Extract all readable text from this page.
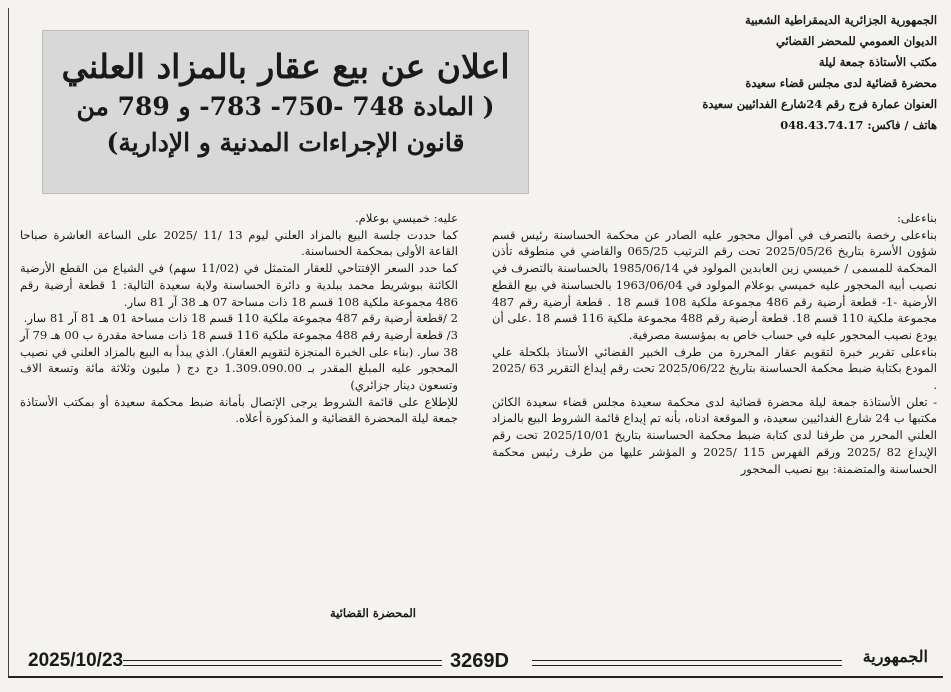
الجمهورية الجزائرية الديمقراطية الشعبية
الديوان العمومي للمحضر القضائي
مكتب الأستاذة جمعة ليلة
محضرة قضائية لدى مجلس قضاء سعيدة
العنوان عمارة فرج رقم 24شارع الفدائيين سعيدة
هاتف / فاكس: 048.43.74.17
اعلان عن بيع عقار بالمزاد العلني
( المادة 748 -750- 783- و 789 من
قانون الإجراءات المدنية و الإدارية)

بناءعلى:

بناءعلى رخصة بالتصرف في أموال محجور عليه الصادر عن محكمة الحساسنة رئيس قسم شؤون الأسرة بتاريخ 2025/05/26 تحت رقم الترتيب 065/25 والقاضي في منطوقه تأذن المحكمة للمسمى / خميسي زين العابدين المولود في 1985/06/14 بالحساسنة بالتصرف في نصيب أبيه المحجور عليه خميسي بوعلام المولود في 1963/06/04 بالحساسنة في بيع القطع الأرضية -1- قطعة أرضية رقم 486 مجموعة ملكية 108 قسم 18 . قطعة أرضية رقم 487 مجموعة ملكية 110 قسم 18. قطعة أرضية رقم 488 مجموعة ملكية 116 قسم 18 .على أن يودع نصيب المحجور عليه في حساب خاص به بمؤسسة مصرفية.

بناءعلى تقرير خبرة لتقويم عقار المحررة من طرف الخبير القضائي الأستاذ بلكحلة علي المودع بكتابة ضبط محكمة الحساسنة بتاريخ 2025/06/22 تحت رقم إيداع التقرير 63 /2025 .

- تعلن الأستاذة جمعة ليلة محضرة قضائية لدى محكمة سعيدة مجلس قضاء سعيدة الكائن مكتبها ب 24 شارع الفدائيين سعيدة، و الموقعة ادناه، بأنه تم إيداع قائمة الشروط البيع بالمزاد العلني المحرر من طرفنا لدى كتابة ضبط محكمة الحساسنة بتاريخ 2025/10/01 تحت رقم الإيداع 82 /2025 ورقم الفهرس 115 /2025 و المؤشر عليها من طرف رئيس محكمة الحساسنة والمتضمنة: بيع نصيب المحجور

عليه: خميسي بوعلام.

كما حددت جلسة البيع بالمزاد العلني ليوم 13 /11 /2025 على الساعة العاشرة صباحا القاعة الأولى بمحكمة الحساسنة.

كما حدد السعر الإفتتاحي للعقار المتمثل في (11/02 سهم) في الشياع من القطع الأرضية الكائنة ببوشريط محمد ببلدية و دائرة الحساسنة ولاية سعيدة التالية: 1 قطعة أرضية رقم 486 مجموعة ملكية 108 قسم 18 ذات مساحة 07 هـ 38 آر 81 سار.

2 /قطعة أرضية رقم 487 مجموعة ملكية 110 قسم 18 ذات مساحة 01 هـ 81 آر 81 سار.

3/ قطعة أرضية رقم 488 مجموعة ملكية 116 قسم 18 ذات مساحة مقدرة ب 00 هـ 79 آر 38 سار. (بناء على الخبرة المنجزة لتقويم العقار). الذي يبدأ به البيع بالمزاد العلني في نصيب المحجور عليه المبلغ المقدر بـ 1.309.090.00 دج دج ( مليون وثلاثة مائة وتسعة الاف وتسعون دينار جزائري)

للإطلاع على قائمة الشروط يرجى الإتصال بأمانة ضبط محكمة سعيدة أو بمكتب الأستاذة جمعة ليلة المحضرة القضائية و المذكورة أعلاه.

المحضرة القضائية
2025/10/23	3269D	الجمهورية
